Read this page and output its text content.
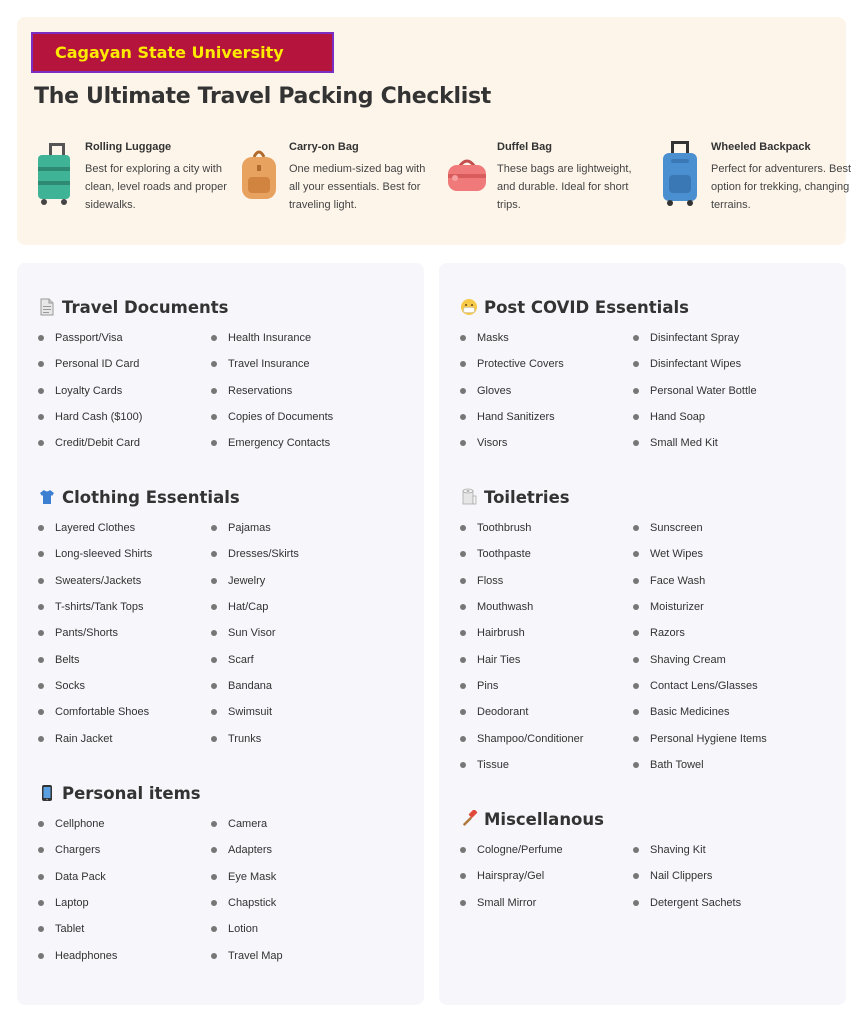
Cagayan State University
The Ultimate Travel Packing Checklist
Rolling Luggage
Best for exploring a city with clean, level roads and proper sidewalks.
Carry-on Bag
One medium-sized bag with all your essentials. Best for traveling light.
Duffel Bag
These bags are lightweight, and durable. Ideal for short trips.
Wheeled Backpack
Perfect for adventurers. Best option for trekking, changing terrains.
Travel Documents
Passport/Visa
Personal ID Card
Loyalty Cards
Hard Cash ($100)
Credit/Debit Card
Health Insurance
Travel Insurance
Reservations
Copies of Documents
Emergency Contacts
Clothing Essentials
Layered Clothes
Long-sleeved Shirts
Sweaters/Jackets
T-shirts/Tank Tops
Pants/Shorts
Belts
Socks
Comfortable Shoes
Rain Jacket
Pajamas
Dresses/Skirts
Jewelry
Hat/Cap
Sun Visor
Scarf
Bandana
Swimsuit
Trunks
Personal items
Cellphone
Chargers
Data Pack
Laptop
Tablet
Headphones
Camera
Adapters
Eye Mask
Chapstick
Lotion
Travel Map
Post COVID Essentials
Masks
Protective Covers
Gloves
Hand Sanitizers
Visors
Disinfectant Spray
Disinfectant Wipes
Personal Water Bottle
Hand Soap
Small Med Kit
Toiletries
Toothbrush
Toothpaste
Floss
Mouthwash
Hairbrush
Hair Ties
Pins
Deodorant
Shampoo/Conditioner
Tissue
Sunscreen
Wet Wipes
Face Wash
Moisturizer
Razors
Shaving Cream
Contact Lens/Glasses
Basic Medicines
Personal Hygiene Items
Bath Towel
Miscellanous
Cologne/Perfume
Hairspray/Gel
Small Mirror
Shaving Kit
Nail Clippers
Detergent Sachets
